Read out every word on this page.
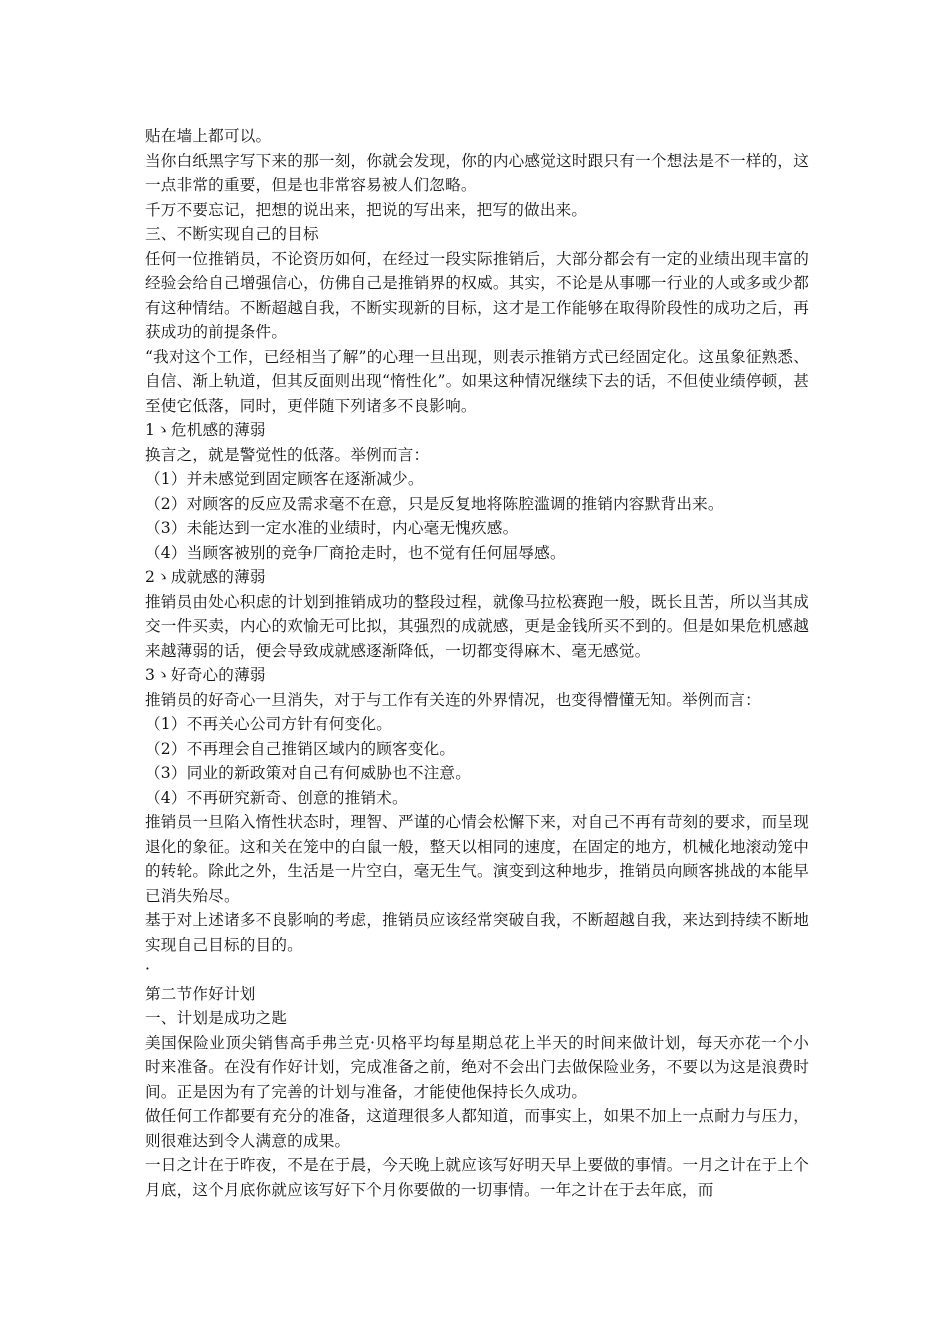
贴在墙上都可以。

当你白纸黑字写下来的那一刻，你就会发现，你的内心感觉这时跟只有一个想法是不一样的，这一点非常的重要，但是也非常容易被人们忽略。

千万不要忘记，把想的说出来，把说的写出来，把写的做出来。

三、不断实现自己的目标

任何一位推销员，不论资历如何，在经过一段实际推销后，大部分都会有一定的业绩出现丰富的经验会给自己增强信心，仿佛自己是推销界的权威。其实，不论是从事哪一行业的人或多或少都有这种情结。不断超越自我，不断实现新的目标，这才是工作能够在取得阶段性的成功之后，再获成功的前提条件。

“我对这个工作，已经相当了解”的心理一旦出现，则表示推销方式已经固定化。这虽象征熟悉、自信、渐上轨道，但其反面则出现“惰性化”。如果这种情况继续下去的话，不但使业绩停顿，甚至使它低落，同时，更伴随下列诸多不良影响。

1ゝ危机感的薄弱

换言之，就是警觉性的低落。举例而言：

（1）并未感觉到固定顾客在逐渐减少。

（2）对顾客的反应及需求毫不在意，只是反复地将陈腔滥调的推销内容默背出来。

（3）未能达到一定水准的业绩时，内心毫无愧疚感。

（4）当顾客被别的竞争厂商抢走时，也不觉有任何屈辱感。

2ゝ成就感的薄弱

推销员由处心积虑的计划到推销成功的整段过程，就像马拉松赛跑一般，既长且苦，所以当其成交一件买卖，内心的欢愉无可比拟，其强烈的成就感，更是金钱所买不到的。但是如果危机感越来越薄弱的话，便会导致成就感逐渐降低，一切都变得麻木、毫无感觉。

3ゝ好奇心的薄弱

推销员的好奇心一旦消失，对于与工作有关连的外界情况，也变得懵懂无知。举例而言：

（1）不再关心公司方针有何变化。

（2）不再理会自己推销区域内的顾客变化。

（3）同业的新政策对自己有何威胁也不注意。

（4）不再研究新奇、创意的推销术。

推销员一旦陷入惰性状态时，理智、严谨的心情会松懈下来，对自己不再有苛刻的要求，而呈现退化的象征。这和关在笼中的白鼠一般，整天以相同的速度，在固定的地方，机械化地滚动笼中的转轮。除此之外，生活是一片空白，毫无生气。演变到这种地步，推销员向顾客挑战的本能早已消失殆尽。

基于对上述诸多不良影响的考虑，推销员应该经常突破自我，不断超越自我，来达到持续不断地实现自己目标的目的。

·

第二节作好计划

一、计划是成功之匙

美国保险业顶尖销售高手弗兰克·贝格平均每星期总花上半天的时间来做计划，每天亦花一个小时来准备。在没有作好计划，完成准备之前，绝对不会出门去做保险业务，不要以为这是浪费时间。正是因为有了完善的计划与准备，才能使他保持长久成功。

做任何工作都要有充分的准备，这道理很多人都知道，而事实上，如果不加上一点耐力与压力，则很难达到令人满意的成果。

一日之计在于昨夜，不是在于晨，今天晚上就应该写好明天早上要做的事情。一月之计在于上个月底，这个月底你就应该写好下个月你要做的一切事情。一年之计在于去年底，而
